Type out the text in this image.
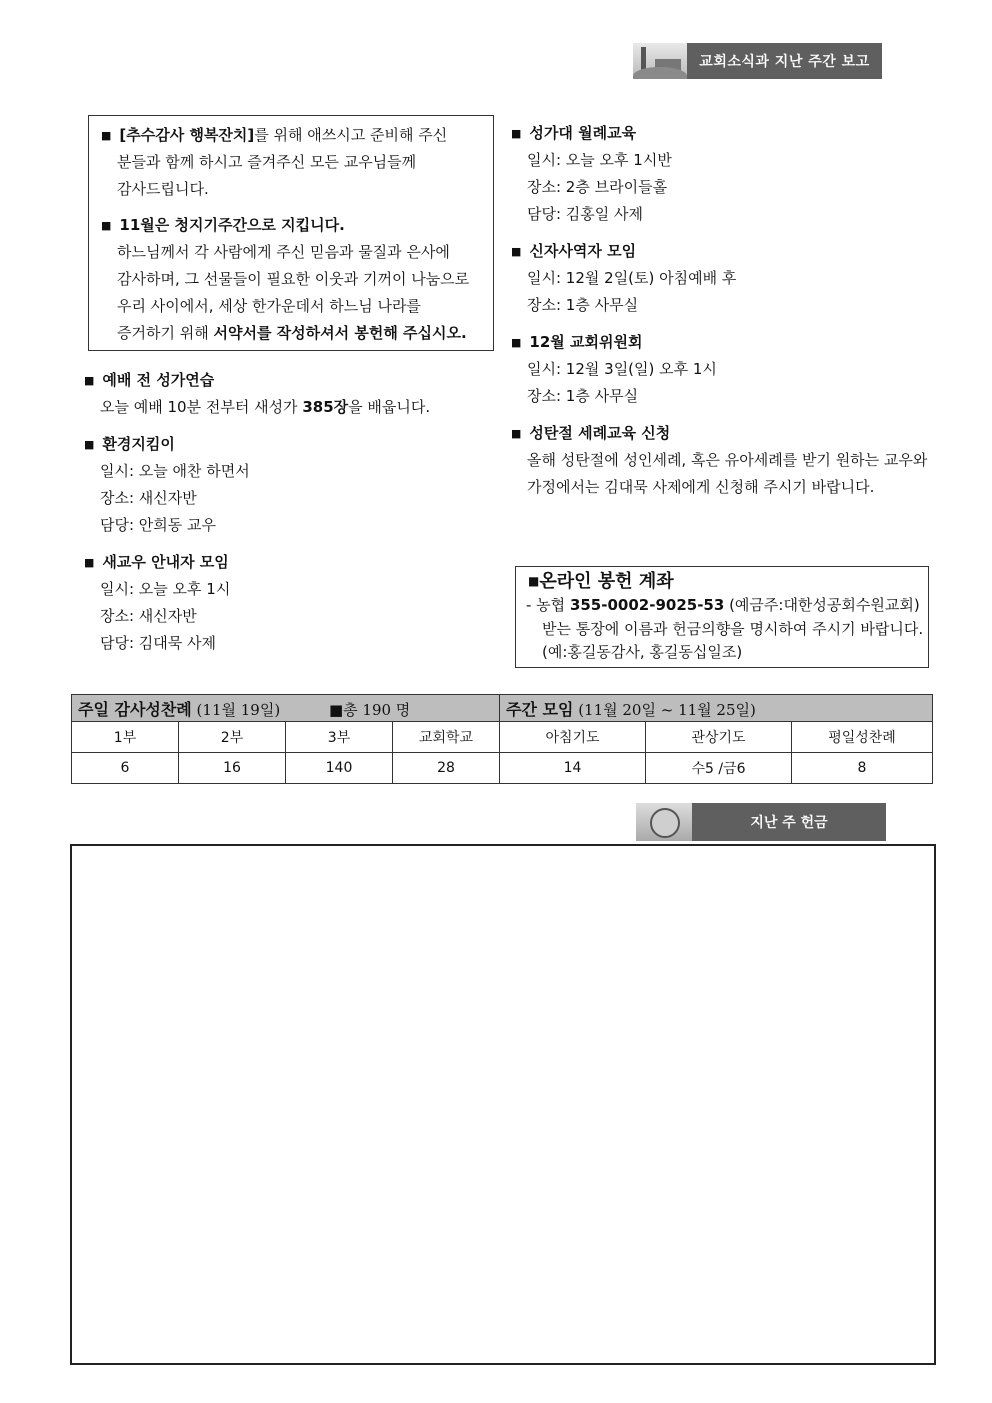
교회소식과 지난 주간 보고
■ [추수감사 행복잔치]를 위해 애쓰시고 준비해 주신
분들과 함께 하시고 즐겨주신 모든 교우님들께
감사드립니다.
■ 11월은 청지기주간으로 지킵니다.
하느님께서 각 사람에게 주신 믿음과 물질과 은사에
감사하며, 그 선물들이 필요한 이웃과 기꺼이 나눔으로
우리 사이에서, 세상 한가운데서 하느님 나라를
증거하기 위해 서약서를 작성하셔서 봉헌해 주십시오.
■ 예배 전 성가연습
오늘 예배 10분 전부터 새성가 385장을 배웁니다.
■ 환경지킴이
일시: 오늘 애찬 하면서
장소: 새신자반
담당: 안희동 교우
■ 새교우 안내자 모임
일시: 오늘 오후 1시
장소: 새신자반
담당: 김대묵 사제
■ 성가대 월례교육
일시: 오늘 오후 1시반
장소: 2층 브라이들홀
담당: 김홍일 사제
■ 신자사역자 모임
일시: 12월 2일(토) 아침예배 후
장소: 1층 사무실
■ 12월 교회위원회
일시: 12월 3일(일) 오후 1시
장소: 1층 사무실
■ 성탄절 세례교육 신청
올해 성탄절에 성인세례, 혹은 유아세례를 받기 원하는 교우와
가정에서는 김대묵 사제에게 신청해 주시기 바랍니다.
■온라인 봉헌 계좌
- 농협 355-0002-9025-53 (예금주:대한성공회수원교회)
받는 통장에 이름과 헌금의향을 명시하여 주시기 바랍니다.
(예:홍길동감사, 홍길동십일조)
주일 감사성찬례 (11월 19일) ■총 190 명				주간 모임 (11월 20일 ~ 11월 25일)		
1부	2부	3부	교회학교	아침기도	관상기도	평일성찬례
6	16	140	28	14	수5 /금6	8
지난 주 헌금
